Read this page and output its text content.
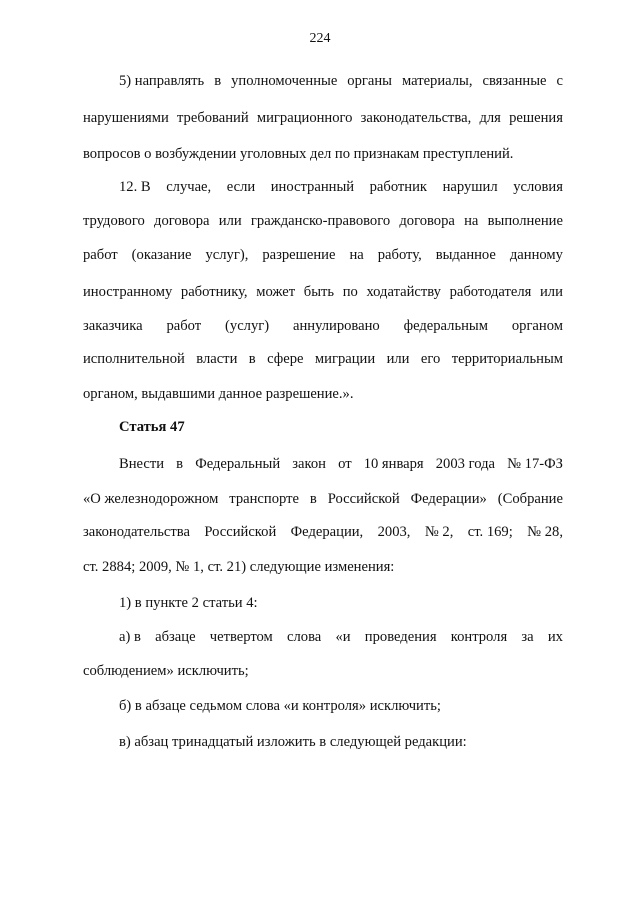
224
5) направлять в уполномоченные органы материалы, связанные с
нарушениями требований миграционного законодательства, для решения
вопросов о возбуждении уголовных дел по признакам преступлений.
12. В случае, если иностранный работник нарушил условия
трудового договора или гражданско-правового договора на выполнение
работ (оказание услуг), разрешение на работу, выданное данному
иностранному работнику, может быть по ходатайству работодателя или
заказчика работ (услуг) аннулировано федеральным органом
исполнительной власти в сфере миграции или его территориальным
органом, выдавшими данное разрешение.».
Статья 47
Внести в Федеральный закон от 10 января 2003 года № 17-ФЗ
«О железнодорожном транспорте в Российской Федерации» (Собрание
законодательства Российской Федерации, 2003, № 2, ст. 169; № 28,
ст. 2884; 2009, № 1, ст. 21) следующие изменения:
1) в пункте 2 статьи 4:
а) в абзаце четвертом слова «и проведения контроля за их
соблюдением» исключить;
б) в абзаце седьмом слова «и контроля» исключить;
в) абзац тринадцатый изложить в следующей редакции:
